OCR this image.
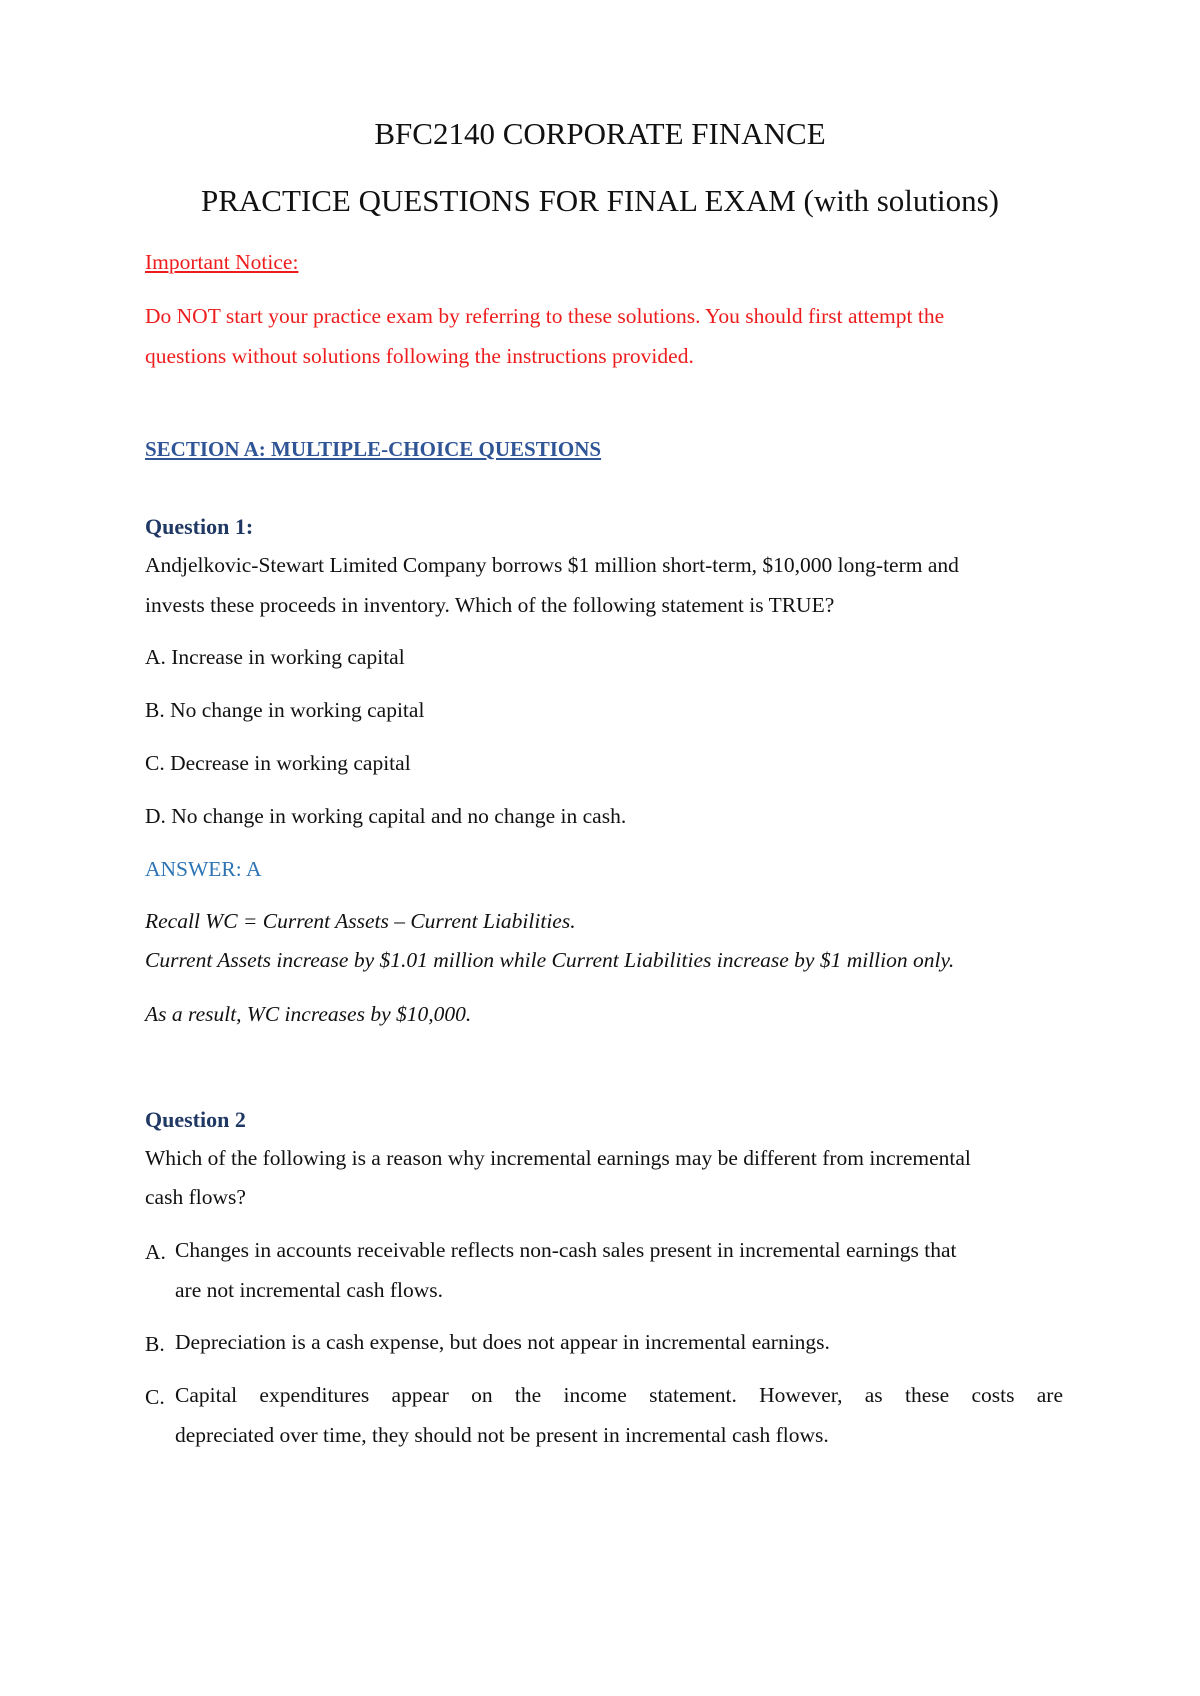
BFC2140 CORPORATE FINANCE
PRACTICE QUESTIONS FOR FINAL EXAM (with solutions)
Important Notice:
Do NOT start your practice exam by referring to these solutions. You should first attempt the
questions without solutions following the instructions provided.
SECTION A: MULTIPLE-CHOICE QUESTIONS
Question 1:
Andjelkovic-Stewart Limited Company borrows $1 million short-term, $10,000 long-term and
invests these proceeds in inventory. Which of the following statement is TRUE?
A. Increase in working capital
B. No change in working capital
C. Decrease in working capital
D. No change in working capital and no change in cash.
ANSWER: A
Recall WC = Current Assets – Current Liabilities.
Current Assets increase by $1.01 million while Current Liabilities increase by $1 million only.
As a result, WC increases by $10,000.
Question 2
Which of the following is a reason why incremental earnings may be different from incremental
cash flows?
A. Changes in accounts receivable reflects non-cash sales present in incremental earnings that
are not incremental cash flows.
B. Depreciation is a cash expense, but does not appear in incremental earnings.
C. Capital expenditures appear on the income statement. However, as these costs are
depreciated over time, they should not be present in incremental cash flows.
